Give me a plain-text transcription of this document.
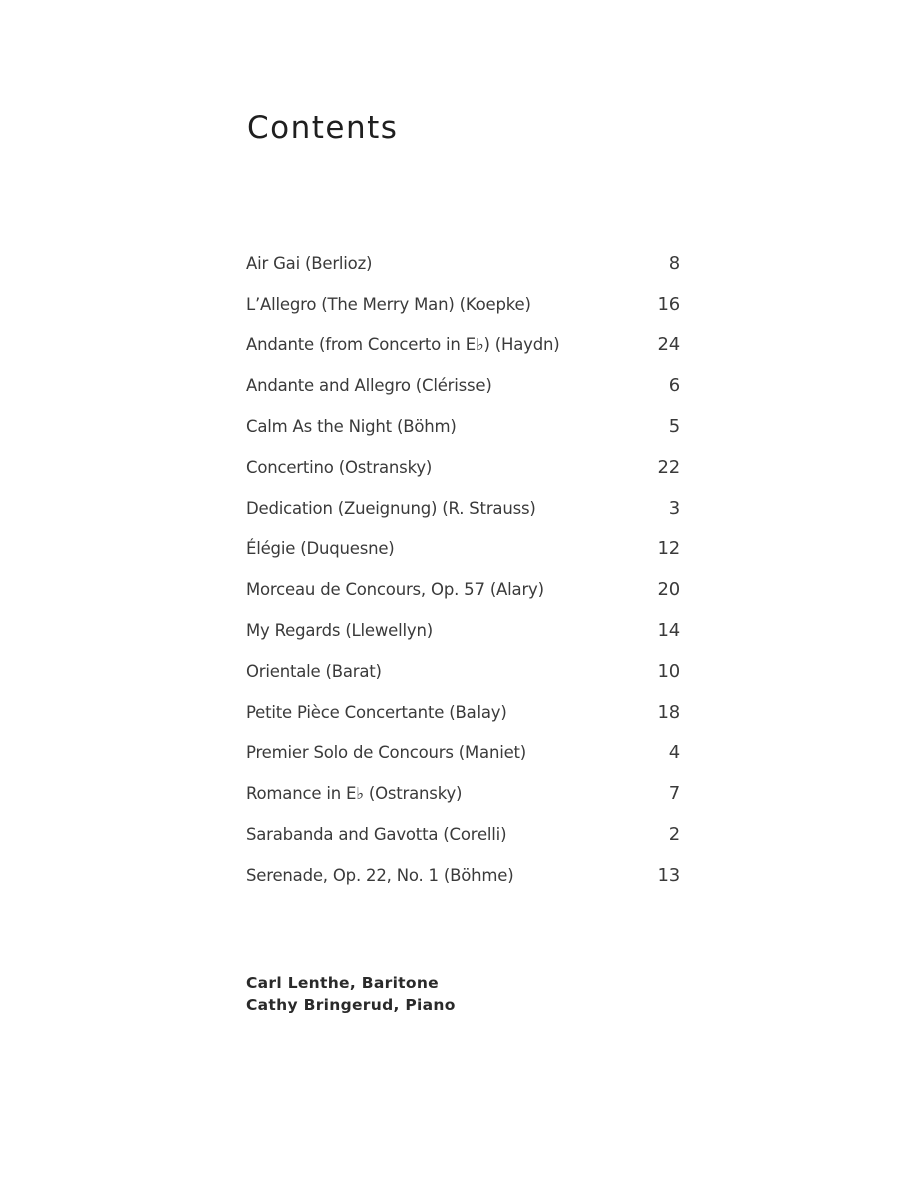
Contents
Air Gai (Berlioz)	8
L’Allegro (The Merry Man) (Koepke)	16
Andante (from Concerto in E♭) (Haydn)	24
Andante and Allegro (Clérisse)	6
Calm As the Night (Böhm)	5
Concertino (Ostransky)	22
Dedication (Zueignung) (R. Strauss)	3
Élégie (Duquesne)	12
Morceau de Concours, Op. 57 (Alary)	20
My Regards (Llewellyn)	14
Orientale (Barat)	10
Petite Pièce Concertante (Balay)	18
Premier Solo de Concours (Maniet)	4
Romance in E♭ (Ostransky)	7
Sarabanda and Gavotta (Corelli)	2
Serenade, Op. 22, No. 1 (Böhme)	13
Carl Lenthe, Baritone
Cathy Bringerud, Piano
